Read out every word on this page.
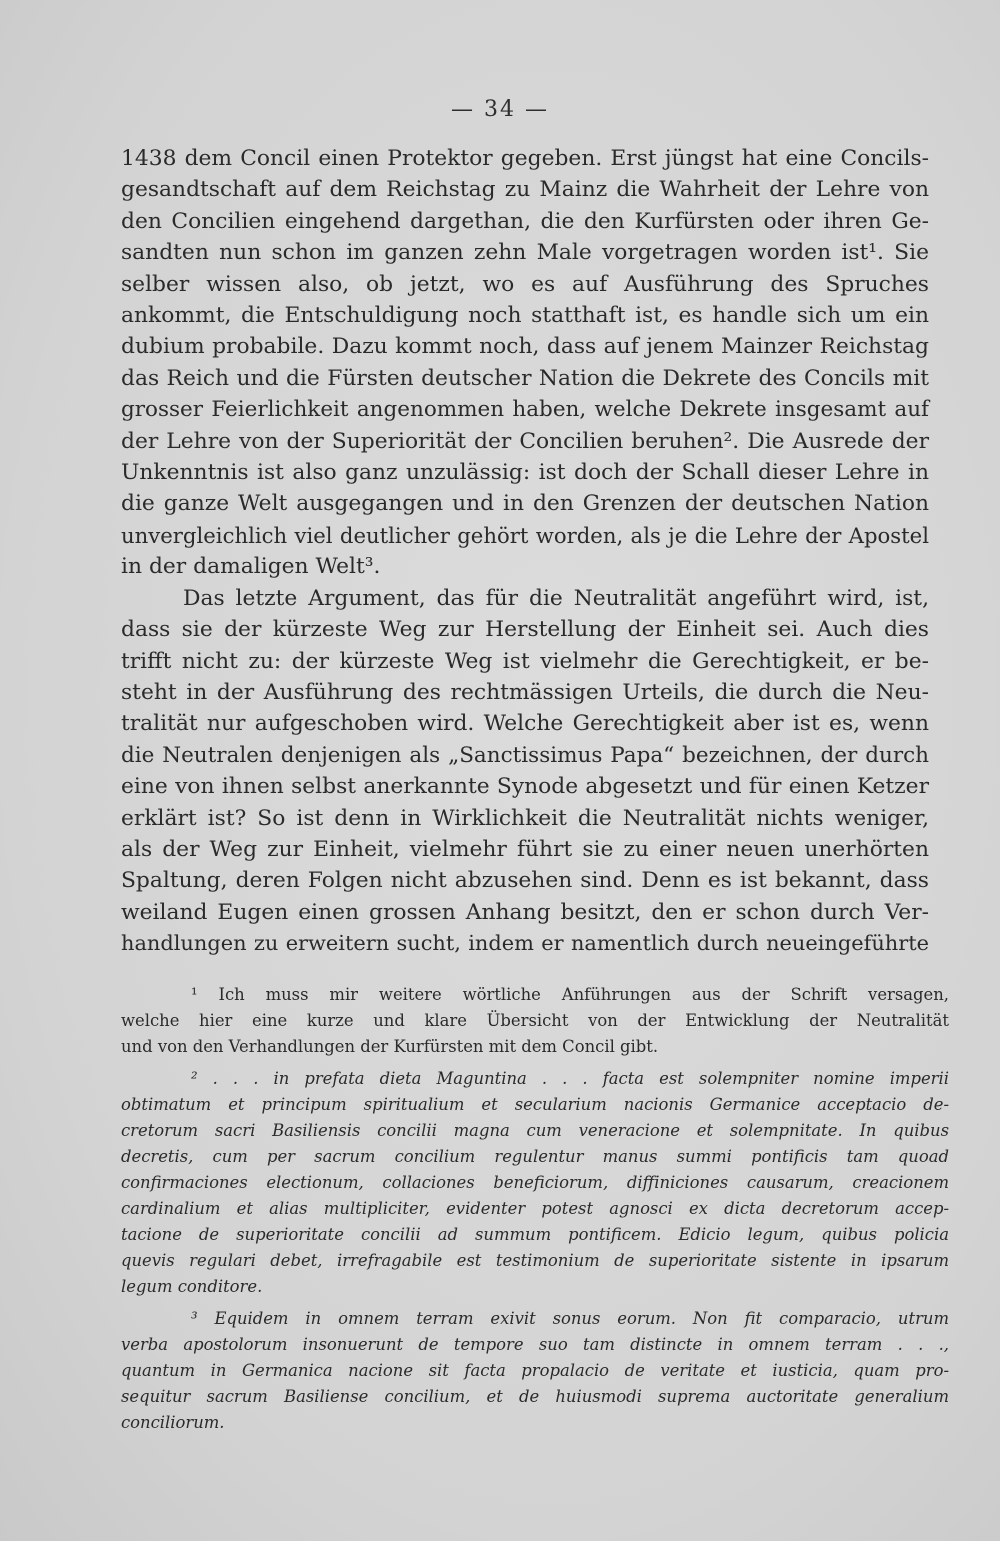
— 34 —

1438 dem Concil einen Protektor gegeben. Erst jüngst hat eine Concils-
gesandtschaft auf dem Reichstag zu Mainz die Wahrheit der Lehre von
den Concilien eingehend dargethan, die den Kurfürsten oder ihren Ge-
sandten nun schon im ganzen zehn Male vorgetragen worden ist¹. Sie
selber wissen also, ob jetzt, wo es auf Ausführung des Spruches
ankommt, die Entschuldigung noch statthaft ist, es handle sich um ein
dubium probabile. Dazu kommt noch, dass auf jenem Mainzer Reichstag
das Reich und die Fürsten deutscher Nation die Dekrete des Concils mit
grosser Feierlichkeit angenommen haben, welche Dekrete insgesamt auf
der Lehre von der Superiorität der Concilien beruhen². Die Ausrede der
Unkenntnis ist also ganz unzulässig: ist doch der Schall dieser Lehre in
die ganze Welt ausgegangen und in den Grenzen der deutschen Nation
unvergleichlich viel deutlicher gehört worden, als je die Lehre der Apostel
in der damaligen Welt³.

Das letzte Argument, das für die Neutralität angeführt wird, ist,
dass sie der kürzeste Weg zur Herstellung der Einheit sei. Auch dies
trifft nicht zu: der kürzeste Weg ist vielmehr die Gerechtigkeit, er be-
steht in der Ausführung des rechtmässigen Urteils, die durch die Neu-
tralität nur aufgeschoben wird. Welche Gerechtigkeit aber ist es, wenn
die Neutralen denjenigen als „Sanctissimus Papa“ bezeichnen, der durch
eine von ihnen selbst anerkannte Synode abgesetzt und für einen Ketzer
erklärt ist? So ist denn in Wirklichkeit die Neutralität nichts weniger,
als der Weg zur Einheit, vielmehr führt sie zu einer neuen unerhörten
Spaltung, deren Folgen nicht abzusehen sind. Denn es ist bekannt, dass
weiland Eugen einen grossen Anhang besitzt, den er schon durch Ver-
handlungen zu erweitern sucht, indem er namentlich durch neueingeführte

¹ Ich muss mir weitere wörtliche Anführungen aus der Schrift versagen,
welche hier eine kurze und klare Übersicht von der Entwicklung der Neutralität
und von den Verhandlungen der Kurfürsten mit dem Concil gibt.
² . . . in prefata dieta Maguntina . . . facta est solempniter nomine imperii
obtimatum et principum spiritualium et secularium nacionis Germanice acceptacio de-
cretorum sacri Basiliensis concilii magna cum veneracione et solempnitate. In quibus
decretis, cum per sacrum concilium regulentur manus summi pontificis tam quoad
confirmaciones electionum, collaciones beneficiorum, diffiniciones causarum, creacionem
cardinalium et alias multipliciter, evidenter potest agnosci ex dicta decretorum accep-
tacione de superioritate concilii ad summum pontificem. Edicio legum, quibus policia
quevis regulari debet, irrefragabile est testimonium de superioritate sistente in ipsarum
legum conditore.
³ Equidem in omnem terram exivit sonus eorum. Non fit comparacio, utrum
verba apostolorum insonuerunt de tempore suo tam distincte in omnem terram . . .,
quantum in Germanica nacione sit facta propalacio de veritate et iusticia, quam pro-
sequitur sacrum Basiliense concilium, et de huiusmodi suprema auctoritate generalium
conciliorum.
